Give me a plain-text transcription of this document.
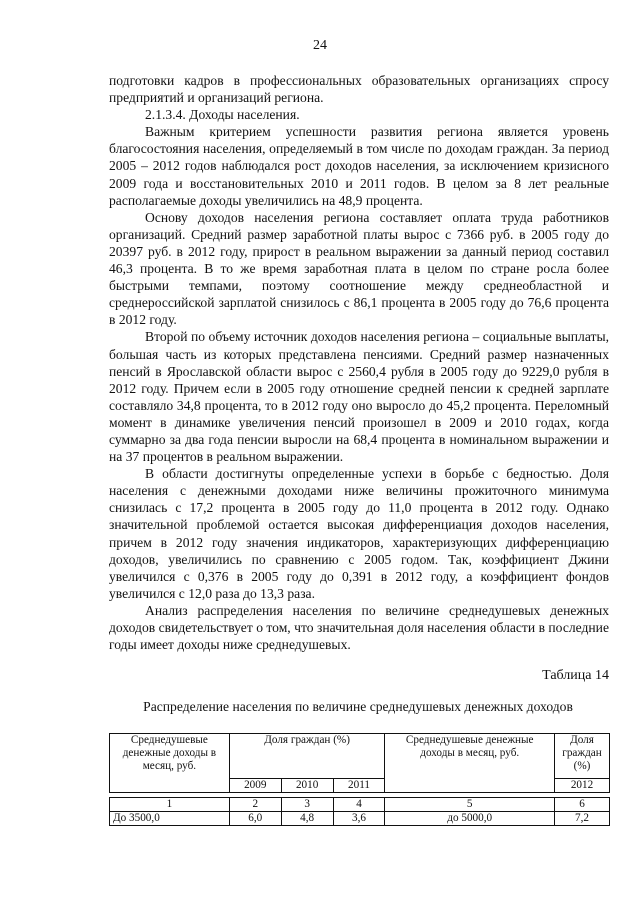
24

подготовки кадров в профессиональных образовательных организациях спросу предприятий и организаций региона.

2.1.3.4. Доходы населения.

Важным критерием успешности развития региона является уровень благосостояния населения, определяемый в том числе по доходам граждан. За период 2005 – 2012 годов наблюдался рост доходов населения, за исключением кризисного 2009 года и восстановительных 2010 и 2011 годов. В целом за 8 лет реальные располагаемые доходы увеличились на 48,9 процента.

Основу доходов населения региона составляет оплата труда работников организаций. Средний размер заработной платы вырос с 7366 руб. в 2005 году до 20397 руб. в 2012 году, прирост в реальном выражении за данный период составил 46,3 процента. В то же время заработная плата в целом по стране росла более быстрыми темпами, поэтому соотношение между среднеобластной и среднероссийской зарплатой снизилось с 86,1 процента в 2005 году до 76,6 процента в 2012 году.

Второй по объему источник доходов населения региона – социальные выплаты, большая часть из которых представлена пенсиями. Средний размер назначенных пенсий в Ярославской области вырос с 2560,4 рубля в 2005 году до 9229,0 рубля в 2012 году. Причем если в 2005 году отношение средней пенсии к средней зарплате составляло 34,8 процента, то в 2012 году оно выросло до 45,2 процента. Переломный момент в динамике увеличения пенсий произошел в 2009 и 2010 годах, когда суммарно за два года пенсии выросли на 68,4 процента в номинальном выражении и на 37 процентов в реальном выражении.

В области достигнуты определенные успехи в борьбе с бедностью. Доля населения с денежными доходами ниже величины прожиточного минимума снизилась с 17,2 процента в 2005 году до 11,0 процента в 2012 году. Однако значительной проблемой остается высокая дифференциация доходов населения, причем в 2012 году значения индикаторов, характеризующих дифференциацию доходов, увеличились по сравнению с 2005 годом. Так, коэффициент Джини увеличился с 0,376 в 2005 году до 0,391 в 2012 году, а коэффициент фондов увеличился с 12,0 раза до 13,3 раза.

Анализ распределения населения по величине среднедушевых денежных доходов свидетельствует о том, что значительная доля населения области в последние годы имеет доходы ниже среднедушевых.

Таблица 14
Распределение населения по величине среднедушевых денежных доходов
Среднедушевые денежные доходы в месяц, руб.	Доля граждан (%)			Среднедушевые денежные доходы в месяц, руб.	Доля граждан (%)
	2009	2010	2011		2012

1	2	3	4	5	6
До 3500,0	6,0	4,8	3,6	до 5000,0	7,2
